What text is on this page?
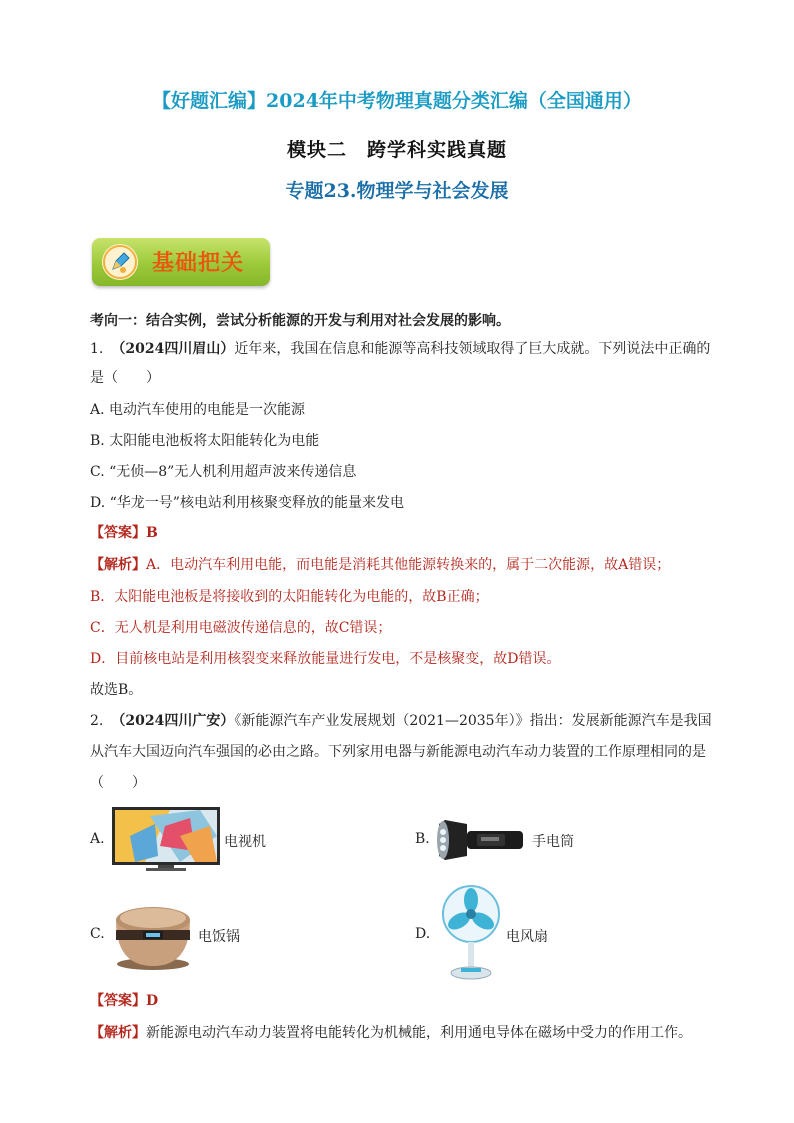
【好题汇编】2024年中考物理真题分类汇编（全国通用）
模块二　跨学科实践真题
专题23.物理学与社会发展
基础把关
考向一：结合实例，尝试分析能源的开发与利用对社会发展的影响。
1. （2024四川眉山）近年来，我国在信息和能源等高科技领域取得了巨大成就。下列说法中正确的
是（　　）
A. 电动汽车使用的电能是一次能源
B. 太阳能电池板将太阳能转化为电能
C. “无侦—8”无人机利用超声波来传递信息
D. “华龙一号”核电站利用核聚变释放的能量来发电
【答案】B
【解析】A．电动汽车利用电能，而电能是消耗其他能源转换来的，属于二次能源，故A错误；
B．太阳能电池板是将接收到的太阳能转化为电能的，故B正确；
C．无人机是利用电磁波传递信息的，故C错误；
D．目前核电站是利用核裂变来释放能量进行发电，不是核聚变，故D错误。
故选B。
2. （2024四川广安）《新能源汽车产业发展规划（2021—2035年）》指出：发展新能源汽车是我国
从汽车大国迈向汽车强国的必由之路。下列家用电器与新能源电动汽车动力装置的工作原理相同的是
（　　）
A.	电视机	B.	手电筒
C.	电饭锅	D.	电风扇
【答案】D
【解析】新能源电动汽车动力装置将电能转化为机械能，利用通电导体在磁场中受力的作用工作。
